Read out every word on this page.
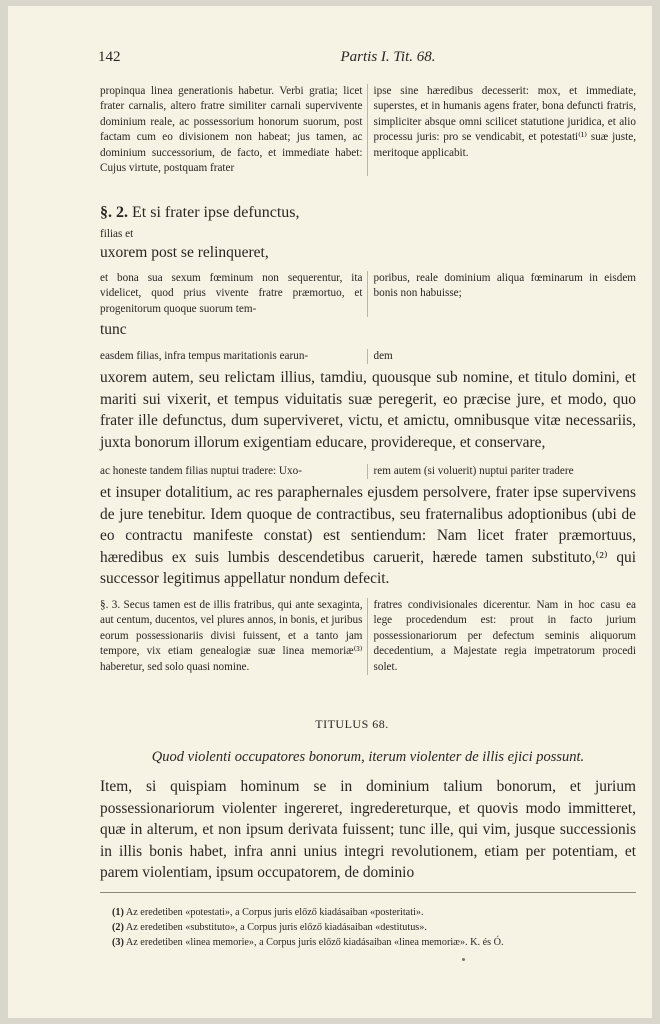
142	Partis I. Tit. 68.
propinqua linea generationis habetur. Verbi gratia; licet frater carnalis, altero fratre similiter carnali supervivente dominium reale, ac possessorium honorum suorum, post factam cum eo divisionem non habeat; jus tamen, ac dominium successorium, de facto, et immediate habet: Cujus virtute, postquam frater
ipse sine hæredibus decesserit: mox, et immediate, superstes, et in humanis agens frater, bona defuncti fratris, simpliciter absque omni scilicet statutione juridica, et alio processu juris: pro se vendicabit, et potestati⁽¹⁾ suæ juste, meritoque applicabit.
§. 2. Et si frater ipse defunctus,
filias et
uxorem post se relinqueret,
et bona sua sexum fœminum non sequerentur, ita videlicet, quod prius vivente fratre præmortuo, et progenitorum quoque suorum tem-
poribus, reale dominium aliqua fœminarum in eisdem bonis non habuisse;
tunc
easdem filias, infra tempus maritationis earun-	dem
uxorem autem, seu relictam illius, tamdiu, quousque sub nomine, et titulo domini, et mariti sui vixerit, et tempus viduitatis suæ peregerit, eo præcise jure, et modo, quo frater ille defunctus, dum superviveret, victu, et amictu, omnibusque vitæ necessariis, juxta bonorum illorum exigentiam educare, providereque, et conservare,
ac honeste tandem filias nuptui tradere: Uxo-	rem autem (si voluerit) nuptui pariter tradere
et insuper dotalitium, ac res paraphernales ejusdem persolvere, frater ipse supervivens de jure tenebitur. Idem quoque de contractibus, seu fraternalibus adoptionibus (ubi de eo contractu manifeste constat) est sentiendum: Nam licet frater præmortuus, hæredibus ex suis lumbis descendetibus caruerit, hærede tamen substituto,⁽²⁾ qui successor legitimus appellatur nondum defecit.
§. 3. Secus tamen est de illis fratribus, qui ante sexaginta, aut centum, ducentos, vel plures annos, in bonis, et juribus eorum possessionariis divisi fuissent, et a tanto jam tempore, vix etiam genealogiæ suæ linea memoriæ⁽³⁾ haberetur, sed solo quasi nomine.
fratres condivisionales dicerentur. Nam in hoc casu ea lege procedendum est: prout in facto jurium possessionariorum per defectum seminis aliquorum decedentium, a Majestate regia impetratorum procedi solet.
TITULUS 68.
Quod violenti occupatores bonorum, iterum violenter de illis ejici possunt.
Item, si quispiam hominum se in dominium talium bonorum, et jurium possessionariorum violenter ingereret, ingredereturque, et quovis modo immitteret, quæ in alterum, et non ipsum derivata fuissent; tunc ille, qui vim, jusque successionis in illis bonis habet, infra anni unius integri revolutionem, etiam per potentiam, et parem violentiam, ipsum occupatorem, de dominio
(1) Az eredetiben «potestati», a Corpus juris előző kiadásaiban «posteritati».
(2) Az eredetiben «substituto», a Corpus juris előző kiadásaiban «destitutus».
(3) Az eredetiben «linea memorie», a Corpus juris előző kiadásaiban «linea memoriæ». K. és Ó.
